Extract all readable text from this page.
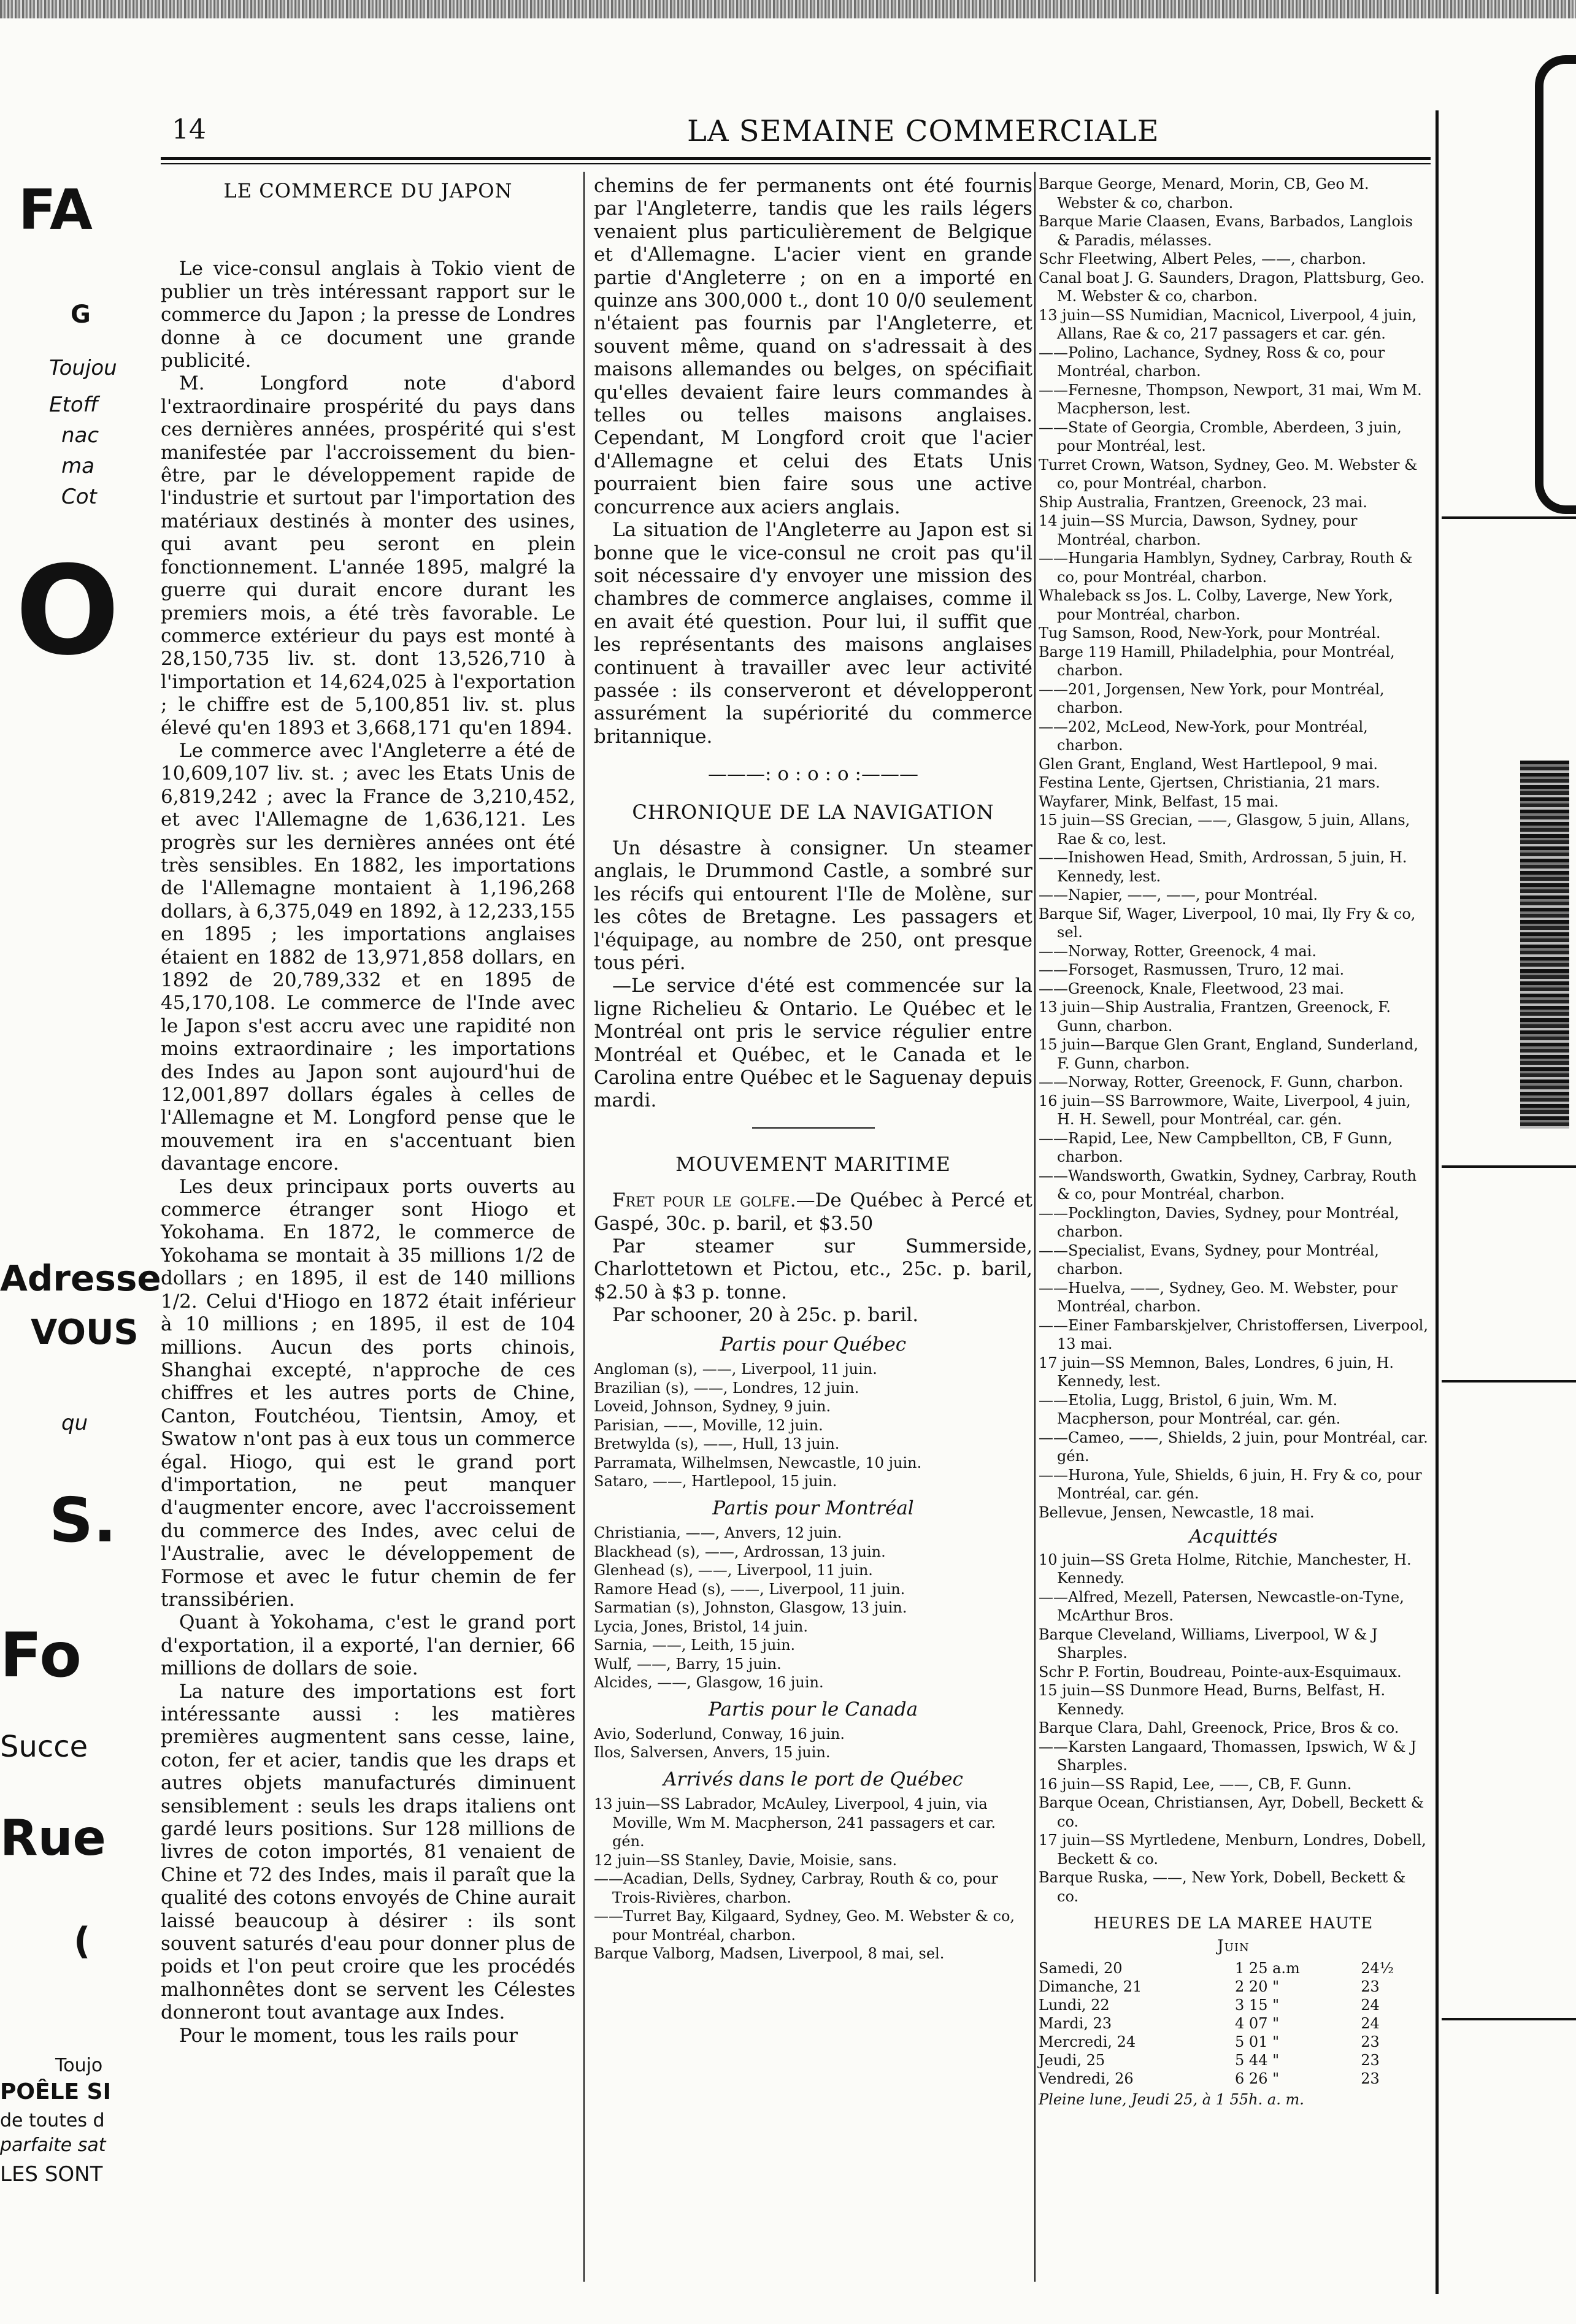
14	LA SEMAINE COMMERCIALE
LE COMMERCE DU JAPON

Le vice-consul anglais à Tokio vient de publier un très intéressant rapport sur le commerce du Japon ; la presse de Londres donne à ce document une grande publicité.

M. Longford note d'abord l'extraordinaire prospérité du pays dans ces dernières années, prospérité qui s'est manifestée par l'accroissement du bien-être, par le développement rapide de l'industrie et surtout par l'importation des matériaux destinés à monter des usines, qui avant peu seront en plein fonctionnement. L'année 1895, malgré la guerre qui durait encore durant les premiers mois, a été très favorable. Le commerce extérieur du pays est monté à 28,150,735 liv. st. dont 13,526,710 à l'importation et 14,624,025 à l'exportation ; le chiffre est de 5,100,851 liv. st. plus élevé qu'en 1893 et 3,668,171 qu'en 1894.

Le commerce avec l'Angleterre a été de 10,609,107 liv. st. ; avec les Etats Unis de 6,819,242 ; avec la France de 3,210,452, et avec l'Allemagne de 1,636,121. Les progrès sur les dernières années ont été très sensibles. En 1882, les importations de l'Allemagne montaient à 1,196,268 dollars, à 6,375,049 en 1892, à 12,233,155 en 1895 ; les importations anglaises étaient en 1882 de 13,971,858 dollars, en 1892 de 20,789,332 et en 1895 de 45,170,108. Le commerce de l'Inde avec le Japon s'est accru avec une rapidité non moins extraordinaire ; les importations des Indes au Japon sont aujourd'hui de 12,001,897 dollars égales à celles de l'Allemagne et M. Longford pense que le mouvement ira en s'accentuant bien davantage encore.

Les deux principaux ports ouverts au commerce étranger sont Hiogo et Yokohama. En 1872, le commerce de Yokohama se montait à 35 millions 1/2 de dollars ; en 1895, il est de 140 millions 1/2. Celui d'Hiogo en 1872 était inférieur à 10 millions ; en 1895, il est de 104 millions. Aucun des ports chinois, Shanghai excepté, n'approche de ces chiffres et les autres ports de Chine, Canton, Foutchéou, Tientsin, Amoy, et Swatow n'ont pas à eux tous un commerce égal. Hiogo, qui est le grand port d'importation, ne peut manquer d'augmenter encore, avec l'accroissement du commerce des Indes, avec celui de l'Australie, avec le développement de Formose et avec le futur chemin de fer transsibérien.

Quant à Yokohama, c'est le grand port d'exportation, il a exporté, l'an dernier, 66 millions de dollars de soie.

La nature des importations est fort intéressante aussi : les matières premières augmentent sans cesse, laine, coton, fer et acier, tandis que les draps et autres objets manufacturés diminuent sensiblement : seuls les draps italiens ont gardé leurs positions. Sur 128 millions de livres de coton importés, 81 venaient de Chine et 72 des Indes, mais il paraît que la qualité des cotons envoyés de Chine aurait laissé beaucoup à désirer : ils sont souvent saturés d'eau pour donner plus de poids et l'on peut croire que les procédés malhonnêtes dont se servent les Célestes donneront tout avantage aux Indes.

Pour le moment, tous les rails pour

chemins de fer permanents ont été fournis par l'Angleterre, tandis que les rails légers venaient plus particulièrement de Belgique et d'Allemagne. L'acier vient en grande partie d'Angleterre ; on en a importé en quinze ans 300,000 t., dont 10 0/0 seulement n'étaient pas fournis par l'Angleterre, et souvent même, quand on s'adressait à des maisons allemandes ou belges, on spécifiait qu'elles devaient faire leurs commandes à telles ou telles maisons anglaises. Cependant, M Longford croit que l'acier d'Allemagne et celui des Etats Unis pourraient bien faire sous une active concurrence aux aciers anglais.

La situation de l'Angleterre au Japon est si bonne que le vice-consul ne croit pas qu'il soit nécessaire d'y envoyer une mission des chambres de commerce anglaises, comme il en avait été question. Pour lui, il suffit que les représentants des maisons anglaises continuent à travailler avec leur activité passée : ils conserveront et développeront assurément la supériorité du commerce britannique.

———: o : o : o :———
CHRONIQUE DE LA NAVIGATION

Un désastre à consigner. Un steamer anglais, le Drummond Castle, a sombré sur les récifs qui entourent l'Ile de Molène, sur les côtes de Bretagne. Les passagers et l'équipage, au nombre de 250, ont presque tous péri.

—Le service d'été est commencée sur la ligne Richelieu & Ontario. Le Québec et le Montréal ont pris le service régulier entre Montréal et Québec, et le Canada et le Carolina entre Québec et le Saguenay depuis mardi.

MOUVEMENT MARITIME

Fret pour le golfe.—De Québec à Percé et Gaspé, 30c. p. baril, et $3.50

Par steamer sur Summerside, Charlottetown et Pictou, etc., 25c. p. baril, $2.50 à $3 p. tonne.

Par schooner, 20 à 25c. p. baril.

Partis pour Québec

Angloman (s), ——, Liverpool, 11 juin.

Brazilian (s), ——, Londres, 12 juin.

Loveid, Johnson, Sydney, 9 juin.

Parisian, ——, Moville, 12 juin.

Bretwylda (s), ——, Hull, 13 juin.

Parramata, Wilhelmsen, Newcastle, 10 juin.

Sataro, ——, Hartlepool, 15 juin.

Partis pour Montréal

Christiania, ——, Anvers, 12 juin.

Blackhead (s), ——, Ardrossan, 13 juin.

Glenhead (s), ——, Liverpool, 11 juin.

Ramore Head (s), ——, Liverpool, 11 juin.

Sarmatian (s), Johnston, Glasgow, 13 juin.

Lycia, Jones, Bristol, 14 juin.

Sarnia, ——, Leith, 15 juin.

Wulf, ——, Barry, 15 juin.

Alcides, ——, Glasgow, 16 juin.

Partis pour le Canada

Avio, Soderlund, Conway, 16 juin.

Ilos, Salversen, Anvers, 15 juin.

Arrivés dans le port de Québec

13 juin—SS Labrador, McAuley, Liverpool, 4 juin, via Moville, Wm M. Macpherson, 241 passagers et car. gén.

12 juin—SS Stanley, Davie, Moisie, sans.

——Acadian, Dells, Sydney, Carbray, Routh & co, pour Trois-Rivières, charbon.

——Turret Bay, Kilgaard, Sydney, Geo. M. Webster & co, pour Montréal, charbon.

Barque Valborg, Madsen, Liverpool, 8 mai, sel.

Barque George, Menard, Morin, CB, Geo M. Webster & co, charbon.

Barque Marie Claasen, Evans, Barbados, Langlois & Paradis, mélasses.

Schr Fleetwing, Albert Peles, ——, charbon.

Canal boat J. G. Saunders, Dragon, Plattsburg, Geo. M. Webster & co, charbon.

13 juin—SS Numidian, Macnicol, Liverpool, 4 juin, Allans, Rae & co, 217 passagers et car. gén.

——Polino, Lachance, Sydney, Ross & co, pour Montréal, charbon.

——Fernesne, Thompson, Newport, 31 mai, Wm M. Macpherson, lest.

——State of Georgia, Cromble, Aberdeen, 3 juin, pour Montréal, lest.

Turret Crown, Watson, Sydney, Geo. M. Webster & co, pour Montréal, charbon.

Ship Australia, Frantzen, Greenock, 23 mai.

14 juin—SS Murcia, Dawson, Sydney, pour Montréal, charbon.

——Hungaria Hamblyn, Sydney, Carbray, Routh & co, pour Montréal, charbon.

Whaleback ss Jos. L. Colby, Laverge, New York, pour Montréal, charbon.

Tug Samson, Rood, New-York, pour Montréal.

Barge 119 Hamill, Philadelphia, pour Montréal, charbon.

——201, Jorgensen, New York, pour Montréal, charbon.

——202, McLeod, New-York, pour Montréal, charbon.

Glen Grant, England, West Hartlepool, 9 mai.

Festina Lente, Gjertsen, Christiania, 21 mars.

Wayfarer, Mink, Belfast, 15 mai.

15 juin—SS Grecian, ——, Glasgow, 5 juin, Allans, Rae & co, lest.

——Inishowen Head, Smith, Ardrossan, 5 juin, H. Kennedy, lest.

——Napier, ——, ——, pour Montréal.

Barque Sif, Wager, Liverpool, 10 mai, Ily Fry & co, sel.

——Norway, Rotter, Greenock, 4 mai.

——Forsoget, Rasmussen, Truro, 12 mai.

——Greenock, Knale, Fleetwood, 23 mai.

13 juin—Ship Australia, Frantzen, Greenock, F. Gunn, charbon.

15 juin—Barque Glen Grant, England, Sunderland, F. Gunn, charbon.

——Norway, Rotter, Greenock, F. Gunn, charbon.

16 juin—SS Barrowmore, Waite, Liverpool, 4 juin, H. H. Sewell, pour Montréal, car. gén.

——Rapid, Lee, New Campbellton, CB, F Gunn, charbon.

——Wandsworth, Gwatkin, Sydney, Carbray, Routh & co, pour Montréal, charbon.

——Pocklington, Davies, Sydney, pour Montréal, charbon.

——Specialist, Evans, Sydney, pour Montréal, charbon.

——Huelva, ——, Sydney, Geo. M. Webster, pour Montréal, charbon.

——Einer Fambarskjelver, Christoffersen, Liverpool, 13 mai.

17 juin—SS Memnon, Bales, Londres, 6 juin, H. Kennedy, lest.

——Etolia, Lugg, Bristol, 6 juin, Wm. M. Macpherson, pour Montréal, car. gén.

——Cameo, ——, Shields, 2 juin, pour Montréal, car. gén.

——Hurona, Yule, Shields, 6 juin, H. Fry & co, pour Montréal, car. gén.

Bellevue, Jensen, Newcastle, 18 mai.

Acquittés

10 juin—SS Greta Holme, Ritchie, Manchester, H. Kennedy.

——Alfred, Mezell, Patersen, Newcastle-on-Tyne, McArthur Bros.

Barque Cleveland, Williams, Liverpool, W & J Sharples.

Schr P. Fortin, Boudreau, Pointe-aux-Esquimaux.

15 juin—SS Dunmore Head, Burns, Belfast, H. Kennedy.

Barque Clara, Dahl, Greenock, Price, Bros & co.

——Karsten Langaard, Thomassen, Ipswich, W & J Sharples.

16 juin—SS Rapid, Lee, ——, CB, F. Gunn.

Barque Ocean, Christiansen, Ayr, Dobell, Beckett & co.

17 juin—SS Myrtledene, Menburn, Londres, Dobell, Beckett & co.

Barque Ruska, ——, New York, Dobell, Beckett & co.

HEURES DE LA MAREE HAUTE
Juin
Samedi, 20	1 25 a.m	24½
Dimanche, 21	2 20 "	23
Lundi, 22	3 15 "	24
Mardi, 23	4 07 "	24
Mercredi, 24	5 01 "	23
Jeudi, 25	5 44 "	23
Vendredi, 26	6 26 "	23

Pleine lune, Jeudi 25, à 1 55h. a. m.

FA
G
Toujou
Etoff
nac
ma
Cot
O
Adresse
VOUS
qu
S.
Fo
Succe
Rue
(
Toujo
POÊLE SI
de toutes d
parfaite sat
LES SONT
